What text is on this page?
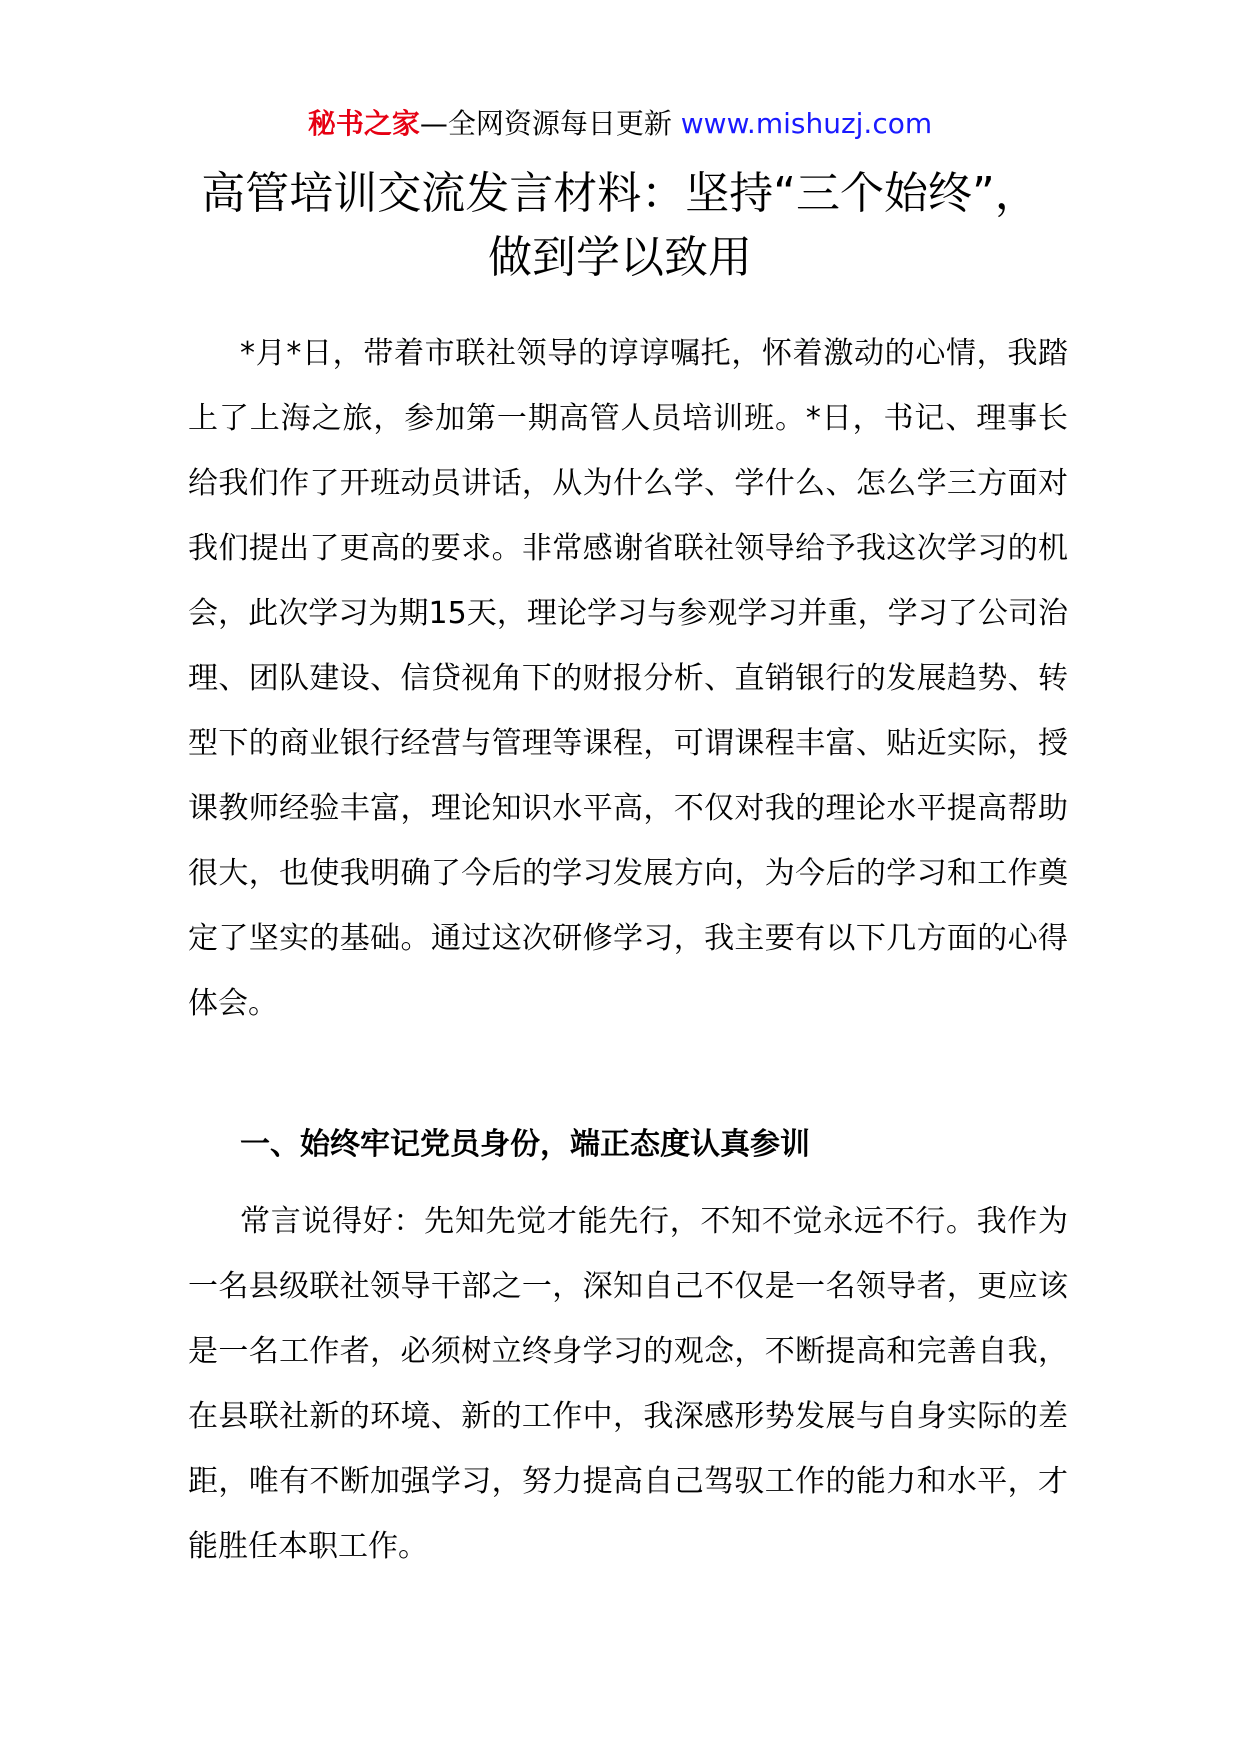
秘书之家—全网资源每日更新 www.mishuzj.com
高管培训交流发言材料：坚持“三个始终”，做到学以致用

*月*日，带着市联社领导的谆谆嘱托，怀着激动的心情，我踏上了上海之旅，参加第一期高管人员培训班。*日，书记、理事长给我们作了开班动员讲话，从为什么学、学什么、怎么学三方面对我们提出了更高的要求。非常感谢省联社领导给予我这次学习的机会，此次学习为期15天，理论学习与参观学习并重，学习了公司治理、团队建设、信贷视角下的财报分析、直销银行的发展趋势、转型下的商业银行经营与管理等课程，可谓课程丰富、贴近实际，授课教师经验丰富，理论知识水平高，不仅对我的理论水平提高帮助很大，也使我明确了今后的学习发展方向，为今后的学习和工作奠定了坚实的基础。通过这次研修学习，我主要有以下几方面的心得体会。

一、始终牢记党员身份，端正态度认真参训

常言说得好：先知先觉才能先行，不知不觉永远不行。我作为一名县级联社领导干部之一，深知自己不仅是一名领导者，更应该是一名工作者，必须树立终身学习的观念，不断提高和完善自我，在县联社新的环境、新的工作中，我深感形势发展与自身实际的差距，唯有不断加强学习，努力提高自己驾驭工作的能力和水平，才能胜任本职工作。
